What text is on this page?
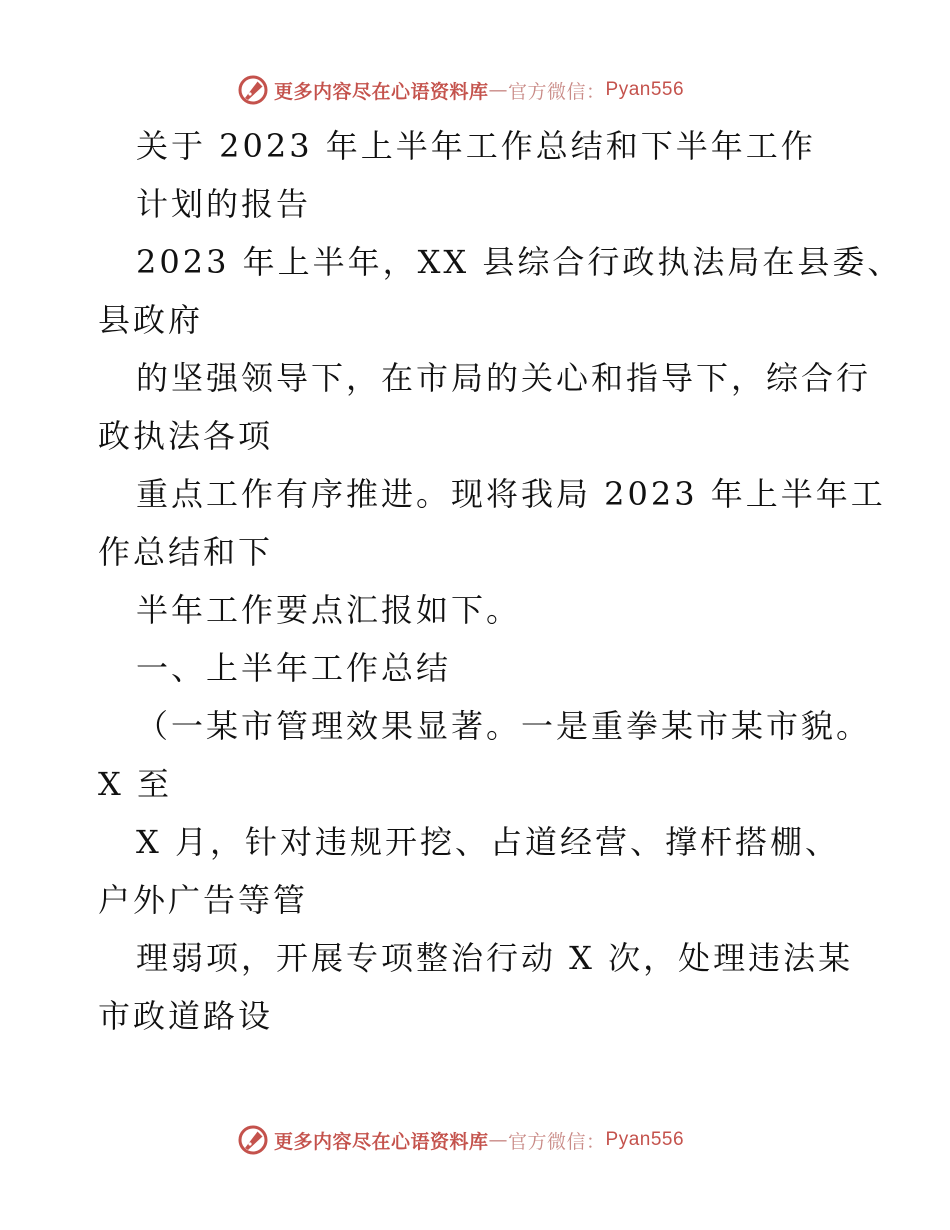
更多内容尽在心语资料库 — 官方微信： Pyan556
关于 2023 年上半年工作总结和下半年工作
计划的报告
2023 年上半年，XX 县综合行政执法局在县委、
县政府
的坚强领导下，在市局的关心和指导下，综合行
政执法各项
重点工作有序推进。现将我局 2023 年上半年工
作总结和下
半年工作要点汇报如下。
一、上半年工作总结
（一某市管理效果显著。一是重拳某市某市貌。
X 至
X 月，针对违规开挖、占道经营、撑杆搭棚、
户外广告等管
理弱项，开展专项整治行动 X 次，处理违法某
市政道路设
更多内容尽在心语资料库 — 官方微信： Pyan556
